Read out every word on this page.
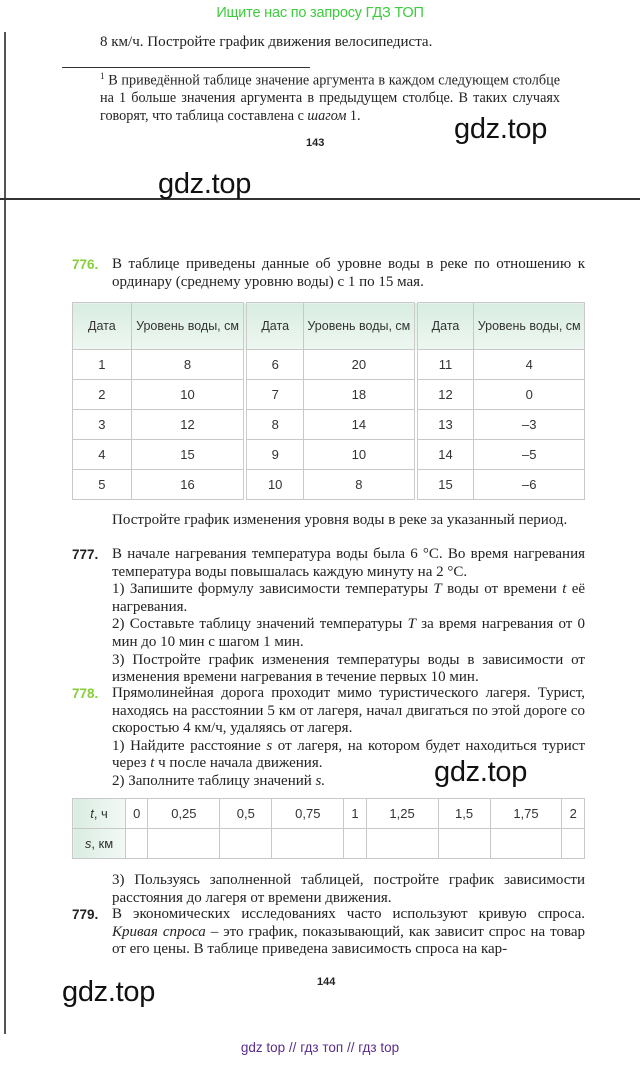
Ищите нас по запросу ГДЗ ТОП
8 км/ч. Постройте график движения велосипедиста.
$^1$ В приведённой таблице значение аргумента в каждом следующем столбце на 1 больше значения аргумента в предыдущем столбце. В таких случаях говорят, что таблица составлена с шагом 1.
143	gdz.top
gdz.top
gdz.top
gdz.top
776. В таблице приведены данные об уровне воды в реке по отношению к ординару (среднему уровню воды) с 1 по 15 мая.
Дата	Уровень воды, см	Дата	Уровень воды, см	Дата	Уровень воды, см
1	8	6	20	11	4
2	10	7	18	12	0
3	12	8	14	13	–3
4	15	9	10	14	–5
5	16	10	8	15	–6
Постройте график изменения уровня воды в реке за указанный период.
777. В начале нагревания температура воды была 6 °C. Во время нагревания температура воды повышалась каждую минуту на 2 °C.
1) Запишите формулу зависимости температуры T воды от времени t её нагревания.
2) Составьте таблицу значений температуры T за время нагревания от 0 мин до 10 мин с шагом 1 мин.
3) Постройте график изменения температуры воды в зависимости от изменения времени нагревания в течение первых 10 мин.
778. Прямолинейная дорога проходит мимо туристического лагеря. Турист, находясь на расстоянии 5 км от лагеря, начал двигаться по этой дороге со скоростью 4 км/ч, удаляясь от лагеря.
1) Найдите расстояние s от лагеря, на котором будет находиться турист через t ч после начала движения.
2) Заполните таблицу значений s.
t, ч	0	0,25	0,5	0,75	1	1,25	1,5	1,75	2
s, км									
3) Пользуясь заполненной таблицей, постройте график зависимости расстояния до лагеря от времени движения.
779. В экономических исследованиях часто используют кривую спроса. Кривая спроса – это график, показывающий, как зависит спрос на товар от его цены. В таблице приведена зависимость спроса на кар-
144
gdz top // гдз топ // гдз top
